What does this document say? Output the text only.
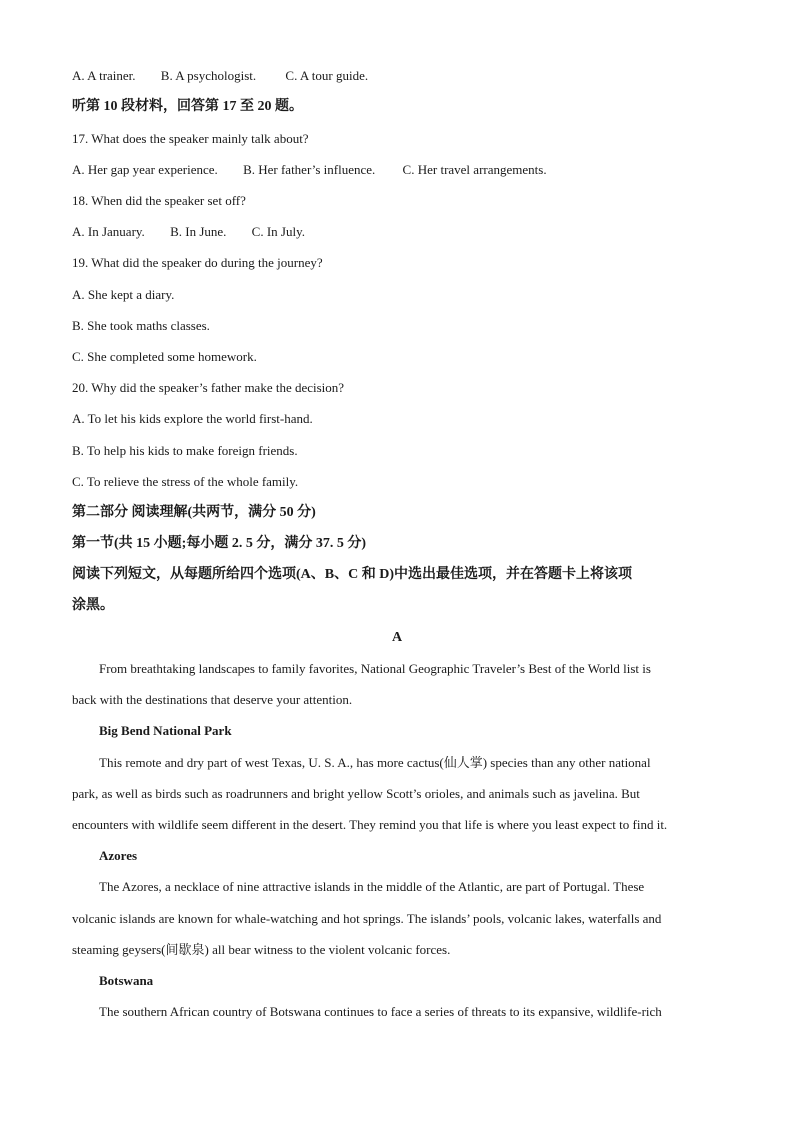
A. A trainer. B. A psychologist. C. A tour guide.
听第 10 段材料，回答第 17 至 20 题。
17. What does the speaker mainly talk about?
A. Her gap year experience. B. Her father’s influence. C. Her travel arrangements.
18. When did the speaker set off?
A. In January. B. In June. C. In July.
19. What did the speaker do during the journey?
A. She kept a diary.
B. She took maths classes.
C. She completed some homework.
20. Why did the speaker’s father make the decision?
A. To let his kids explore the world first-hand.
B. To help his kids to make foreign friends.
C. To relieve the stress of the whole family.
第二部分 阅读理解(共两节，满分 50 分)
第一节(共 15 小题;每小题 2. 5 分，满分 37. 5 分)
阅读下列短文，从每题所给四个选项(A、B、C 和 D)中选出最佳选项，并在答题卡上将该项
涂黑。
A
From breathtaking landscapes to family favorites, National Geographic Traveler’s Best of the World list is
back with the destinations that deserve your attention.
Big Bend National Park
This remote and dry part of west Texas, U. S. A., has more cactus(仙人掌) species than any other national
park, as well as birds such as roadrunners and bright yellow Scott’s orioles, and animals such as javelina. But
encounters with wildlife seem different in the desert. They remind you that life is where you least expect to find it.
Azores
The Azores, a necklace of nine attractive islands in the middle of the Atlantic, are part of Portugal. These
volcanic islands are known for whale-watching and hot springs. The islands’ pools, volcanic lakes, waterfalls and
steaming geysers(间歇泉) all bear witness to the violent volcanic forces.
Botswana
The southern African country of Botswana continues to face a series of threats to its expansive, wildlife-rich
